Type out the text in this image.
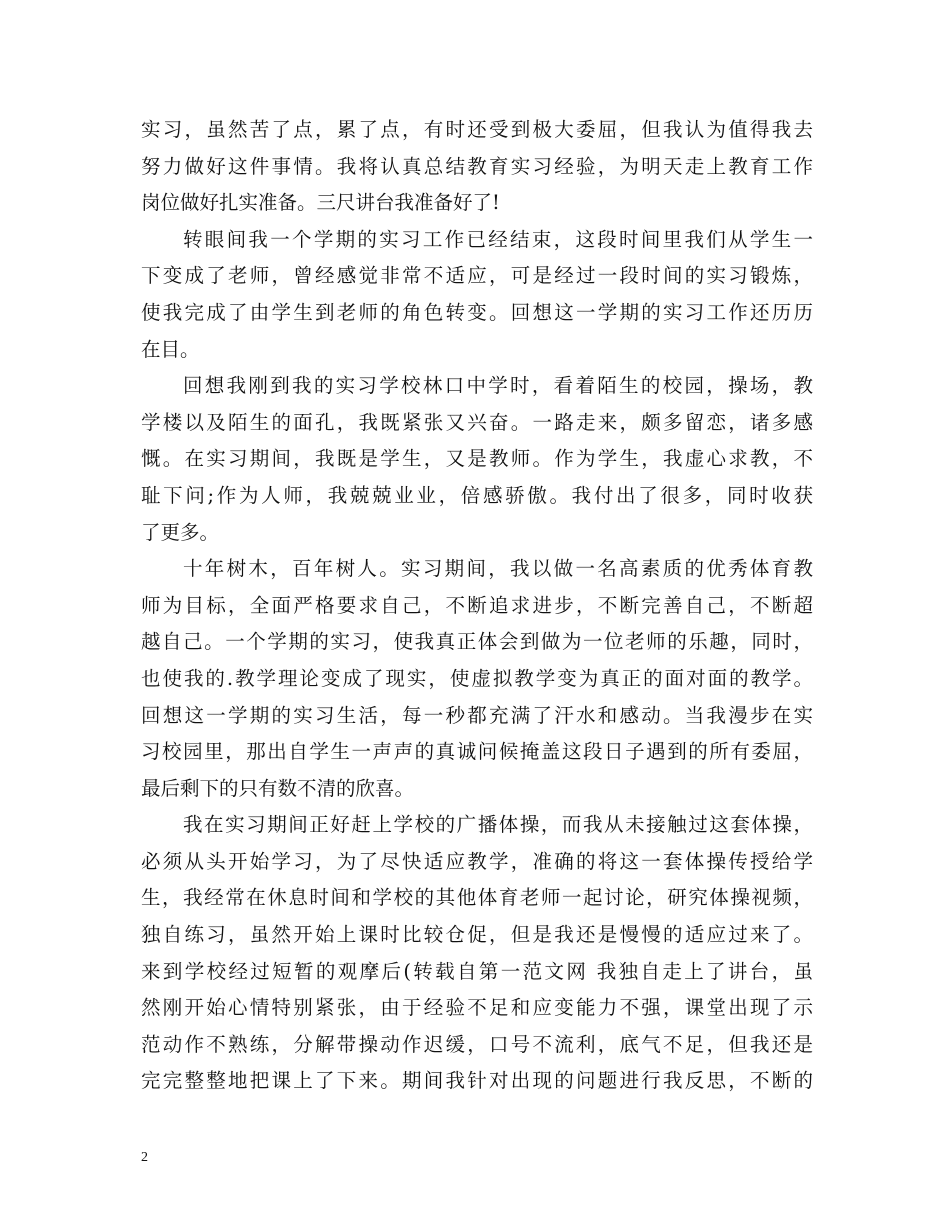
实习，虽然苦了点，累了点，有时还受到极大委屈，但我认为值得我去
努力做好这件事情。我将认真总结教育实习经验，为明天走上教育工作
岗位做好扎实准备。三尺讲台我准备好了!
转眼间我一个学期的实习工作已经结束，这段时间里我们从学生一
下变成了老师，曾经感觉非常不适应，可是经过一段时间的实习锻炼，
使我完成了由学生到老师的角色转变。回想这一学期的实习工作还历历
在目。
回想我刚到我的实习学校林口中学时，看着陌生的校园，操场，教
学楼以及陌生的面孔，我既紧张又兴奋。一路走来，颇多留恋，诸多感
慨。在实习期间，我既是学生，又是教师。作为学生，我虚心求教，不
耻下问;作为人师，我兢兢业业，倍感骄傲。我付出了很多，同时收获
了更多。
十年树木，百年树人。实习期间，我以做一名高素质的优秀体育教
师为目标，全面严格要求自己，不断追求进步，不断完善自己，不断超
越自己。一个学期的实习，使我真正体会到做为一位老师的乐趣，同时，
也使我的.教学理论变成了现实，使虚拟教学变为真正的面对面的教学。
回想这一学期的实习生活，每一秒都充满了汗水和感动。当我漫步在实
习校园里，那出自学生一声声的真诚问候掩盖这段日子遇到的所有委屈，
最后剩下的只有数不清的欣喜。
我在实习期间正好赶上学校的广播体操，而我从未接触过这套体操，
必须从头开始学习，为了尽快适应教学，准确的将这一套体操传授给学
生，我经常在休息时间和学校的其他体育老师一起讨论，研究体操视频，
独自练习，虽然开始上课时比较仓促，但是我还是慢慢的适应过来了。
来到学校经过短暂的观摩后(转载自第一范文网 我独自走上了讲台，虽
然刚开始心情特别紧张，由于经验不足和应变能力不强，课堂出现了示
范动作不熟练，分解带操动作迟缓，口号不流利，底气不足，但我还是
完完整整地把课上了下来。期间我针对出现的问题进行我反思，不断的
2
